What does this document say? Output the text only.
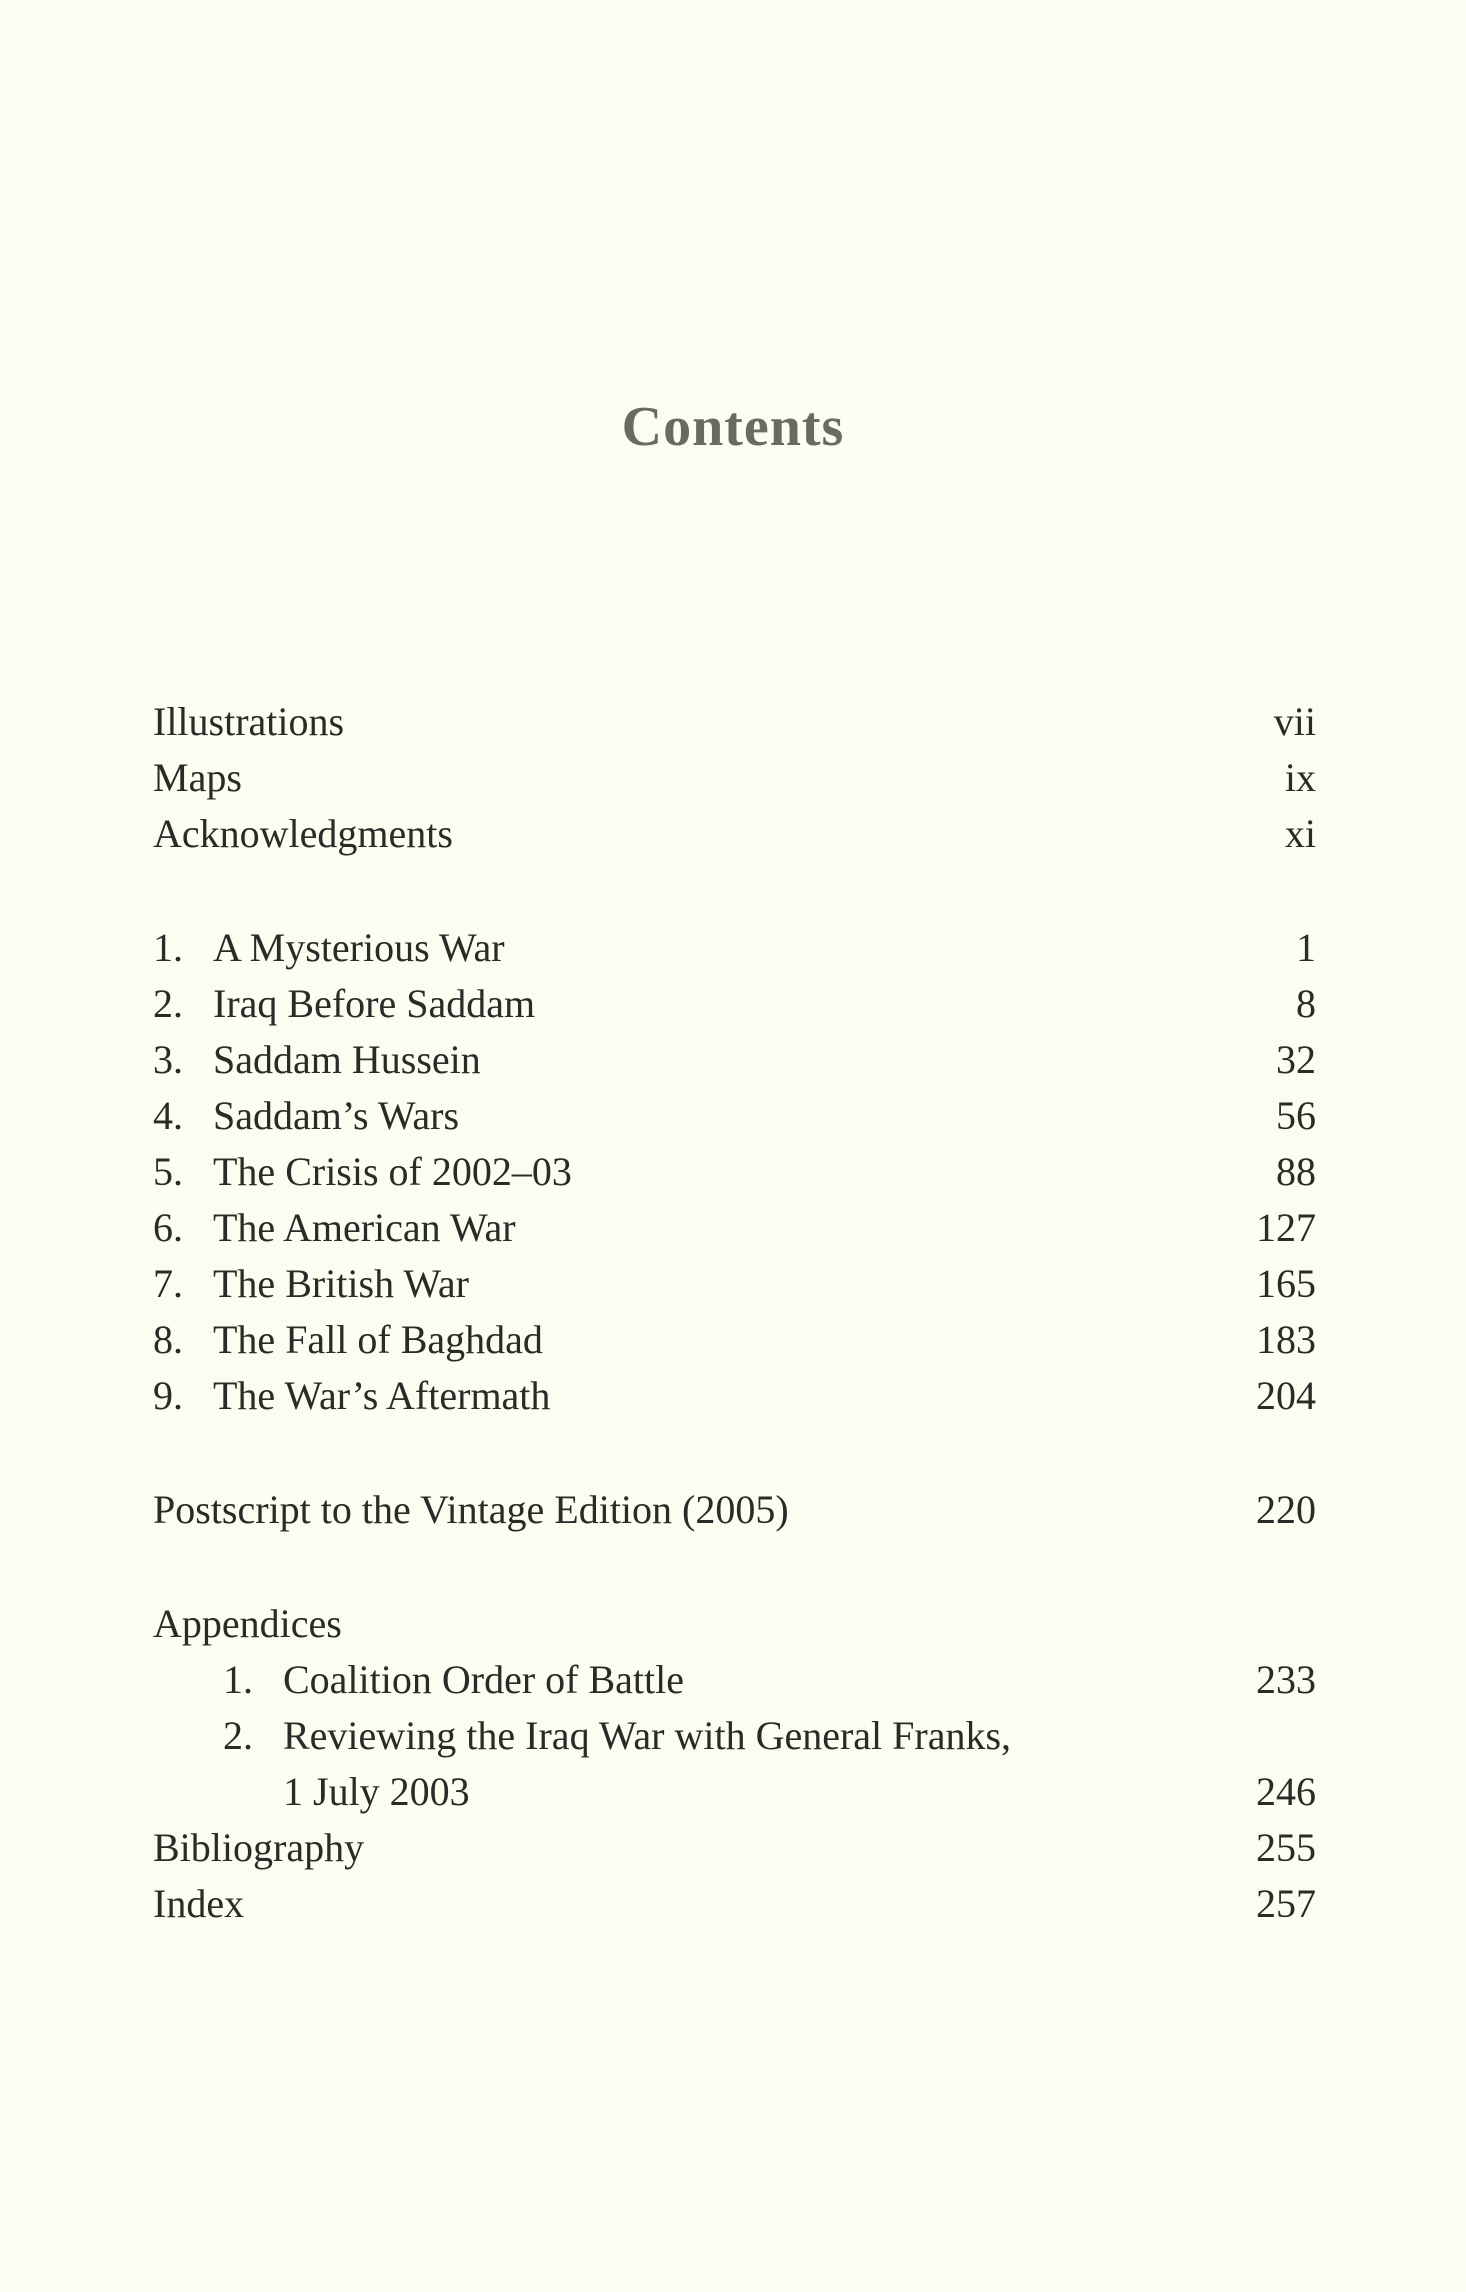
Contents
Illustrations	vii
Maps	ix
Acknowledgments	xi
1. A Mysterious War	1
2. Iraq Before Saddam	8
3. Saddam Hussein	32
4. Saddam’s Wars	56
5. The Crisis of 2002–03	88
6. The American War	127
7. The British War	165
8. The Fall of Baghdad	183
9. The War’s Aftermath	204
Postscript to the Vintage Edition (2005)	220
Appendices
1. Coalition Order of Battle	233
2. Reviewing the Iraq War with General Franks,
1 July 2003	246
Bibliography	255
Index	257
